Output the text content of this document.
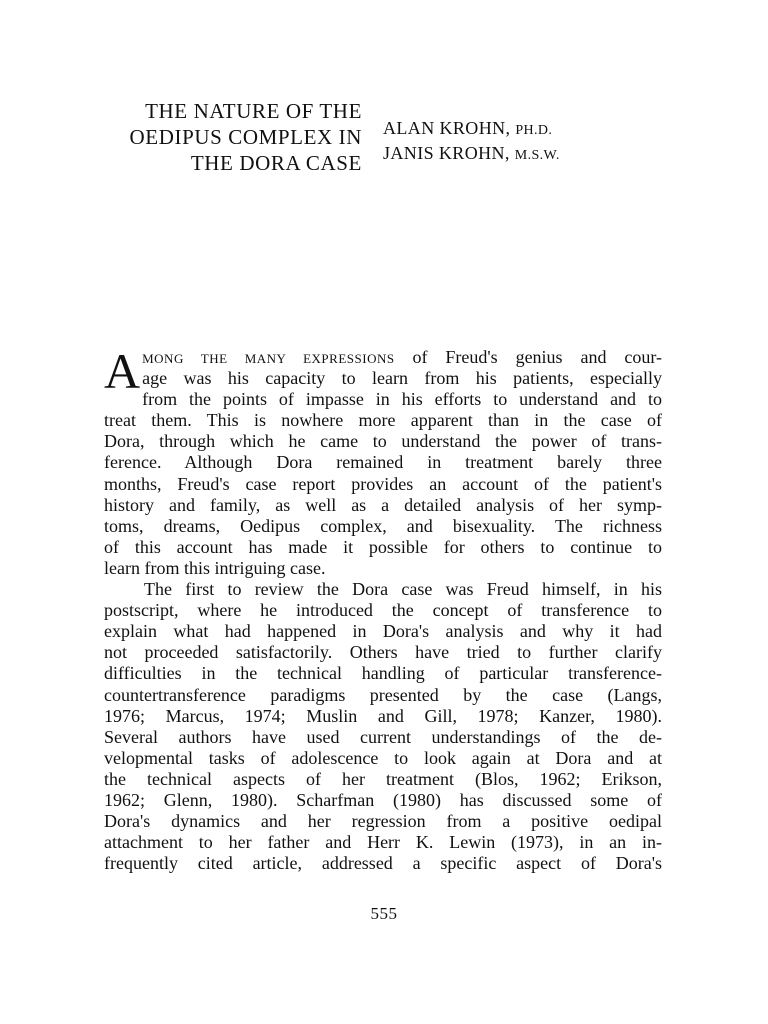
THE NATURE OF THE
OEDIPUS COMPLEX IN
THE DORA CASE
ALAN KROHN, PH.D.
JANIS KROHN, M.S.W.
A MONG THE MANY EXPRESSIONS of Freud's genius and cour-
age was his capacity to learn from his patients, especially
from the points of impasse in his efforts to understand and to
treat them. This is nowhere more apparent than in the case of
Dora, through which he came to understand the power of trans-
ference. Although Dora remained in treatment barely three
months, Freud's case report provides an account of the patient's
history and family, as well as a detailed analysis of her symp-
toms, dreams, Oedipus complex, and bisexuality. The richness
of this account has made it possible for others to continue to
learn from this intriguing case.
The first to review the Dora case was Freud himself, in his
postscript, where he introduced the concept of transference to
explain what had happened in Dora's analysis and why it had
not proceeded satisfactorily. Others have tried to further clarify
difficulties in the technical handling of particular transference-
countertransference paradigms presented by the case (Langs,
1976; Marcus, 1974; Muslin and Gill, 1978; Kanzer, 1980).
Several authors have used current understandings of the de-
velopmental tasks of adolescence to look again at Dora and at
the technical aspects of her treatment (Blos, 1962; Erikson,
1962; Glenn, 1980). Scharfman (1980) has discussed some of
Dora's dynamics and her regression from a positive oedipal
attachment to her father and Herr K. Lewin (1973), in an in-
frequently cited article, addressed a specific aspect of Dora's
555
